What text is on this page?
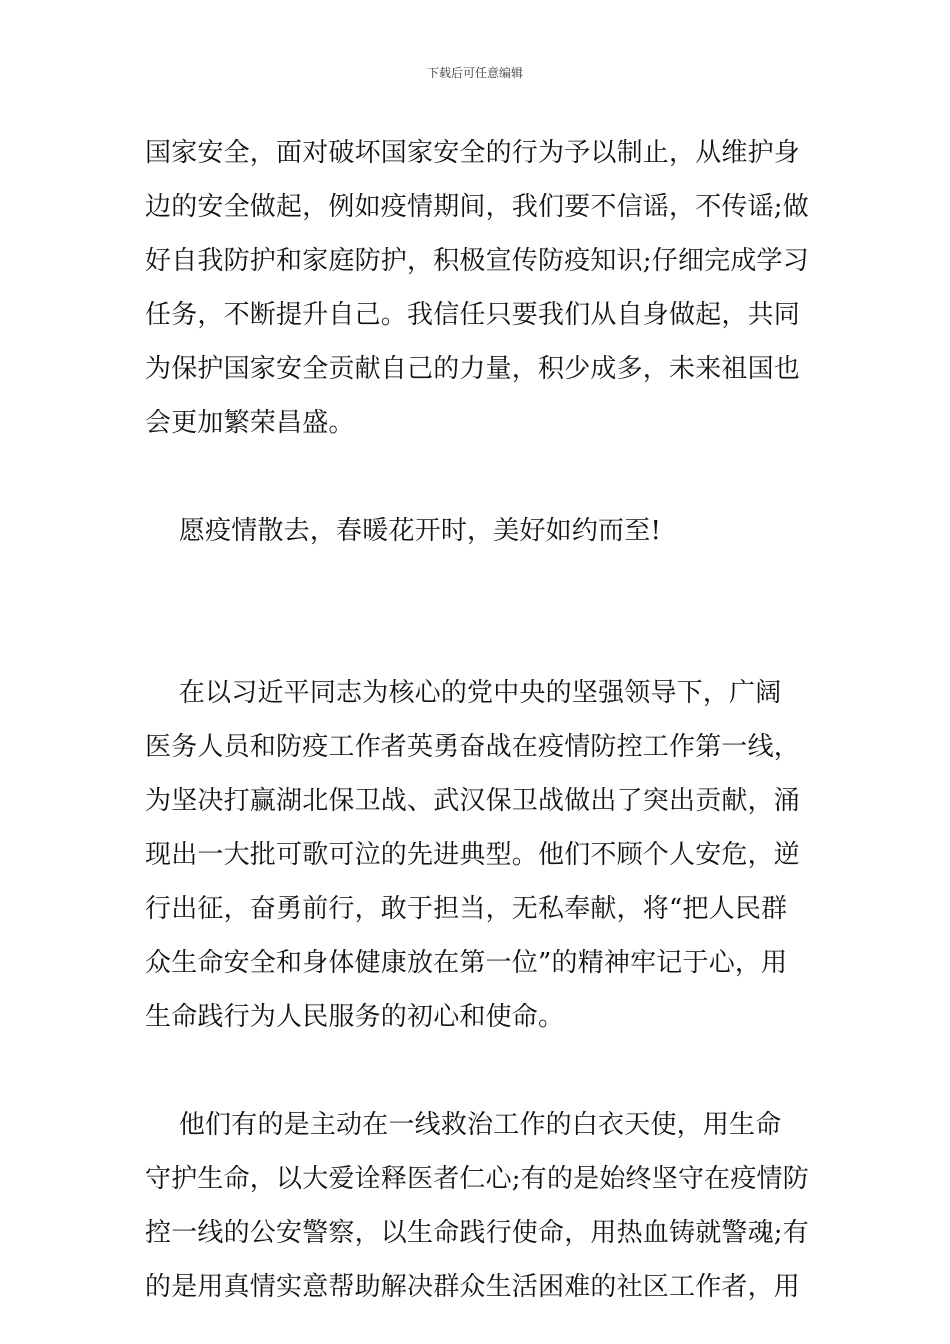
下载后可任意编辑
国家安全，面对破坏国家安全的行为予以制止，从维护身
边的安全做起，例如疫情期间，我们要不信谣，不传谣;做
好自我防护和家庭防护，积极宣传防疫知识;仔细完成学习
任务，不断提升自己。我信任只要我们从自身做起，共同
为保护国家安全贡献自己的力量，积少成多，未来祖国也
会更加繁荣昌盛。
愿疫情散去，春暖花开时，美好如约而至!
在以习近平同志为核心的党中央的坚强领导下，广阔
医务人员和防疫工作者英勇奋战在疫情防控工作第一线，
为坚决打赢湖北保卫战、武汉保卫战做出了突出贡献，涌
现出一大批可歌可泣的先进典型。他们不顾个人安危，逆
行出征，奋勇前行，敢于担当，无私奉献，将“把人民群
众生命安全和身体健康放在第一位”的精神牢记于心，用
生命践行为人民服务的初心和使命。
他们有的是主动在一线救治工作的白衣天使，用生命
守护生命，以大爱诠释医者仁心;有的是始终坚守在疫情防
控一线的公安警察，以生命践行使命，用热血铸就警魂;有
的是用真情实意帮助解决群众生活困难的社区工作者，用
